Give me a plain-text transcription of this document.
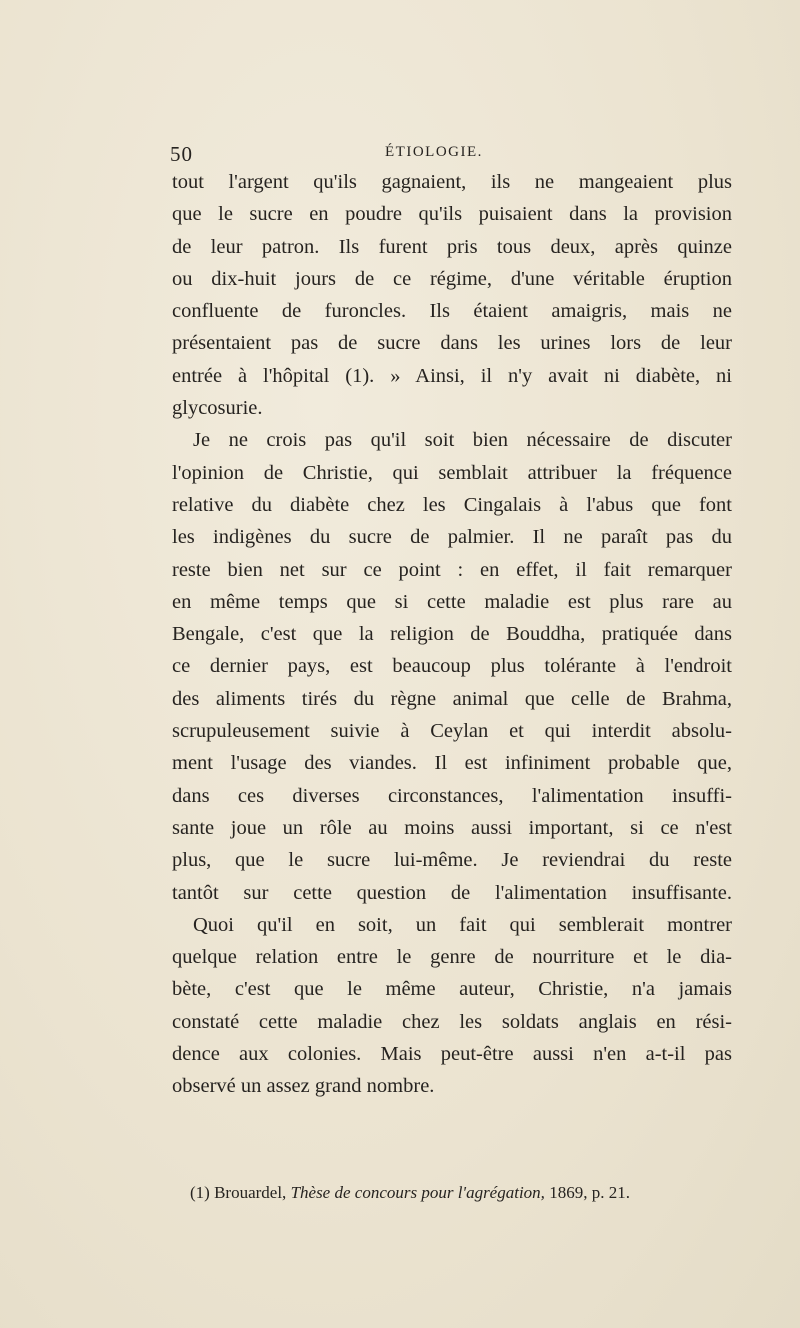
50	ÉTIOLOGIE.
tout l'argent qu'ils gagnaient, ils ne mangeaient plus
que le sucre en poudre qu'ils puisaient dans la provision
de leur patron. Ils furent pris tous deux, après quinze
ou dix-huit jours de ce régime, d'une véritable éruption
confluente de furoncles. Ils étaient amaigris, mais ne
présentaient pas de sucre dans les urines lors de leur
entrée à l'hôpital (1). » Ainsi, il n'y avait ni diabète, ni
glycosurie.
Je ne crois pas qu'il soit bien nécessaire de discuter
l'opinion de Christie, qui semblait attribuer la fréquence
relative du diabète chez les Cingalais à l'abus que font
les indigènes du sucre de palmier. Il ne paraît pas du
reste bien net sur ce point : en effet, il fait remarquer
en même temps que si cette maladie est plus rare au
Bengale, c'est que la religion de Bouddha, pratiquée dans
ce dernier pays, est beaucoup plus tolérante à l'endroit
des aliments tirés du règne animal que celle de Brahma,
scrupuleusement suivie à Ceylan et qui interdit absolu-
ment l'usage des viandes. Il est infiniment probable que,
dans ces diverses circonstances, l'alimentation insuffi-
sante joue un rôle au moins aussi important, si ce n'est
plus, que le sucre lui-même. Je reviendrai du reste
tantôt sur cette question de l'alimentation insuffisante.
Quoi qu'il en soit, un fait qui semblerait montrer
quelque relation entre le genre de nourriture et le dia-
bète, c'est que le même auteur, Christie, n'a jamais
constaté cette maladie chez les soldats anglais en rési-
dence aux colonies. Mais peut-être aussi n'en a-t-il pas
observé un assez grand nombre.
(1) Brouardel, Thèse de concours pour l'agrégation, 1869, p. 21.
